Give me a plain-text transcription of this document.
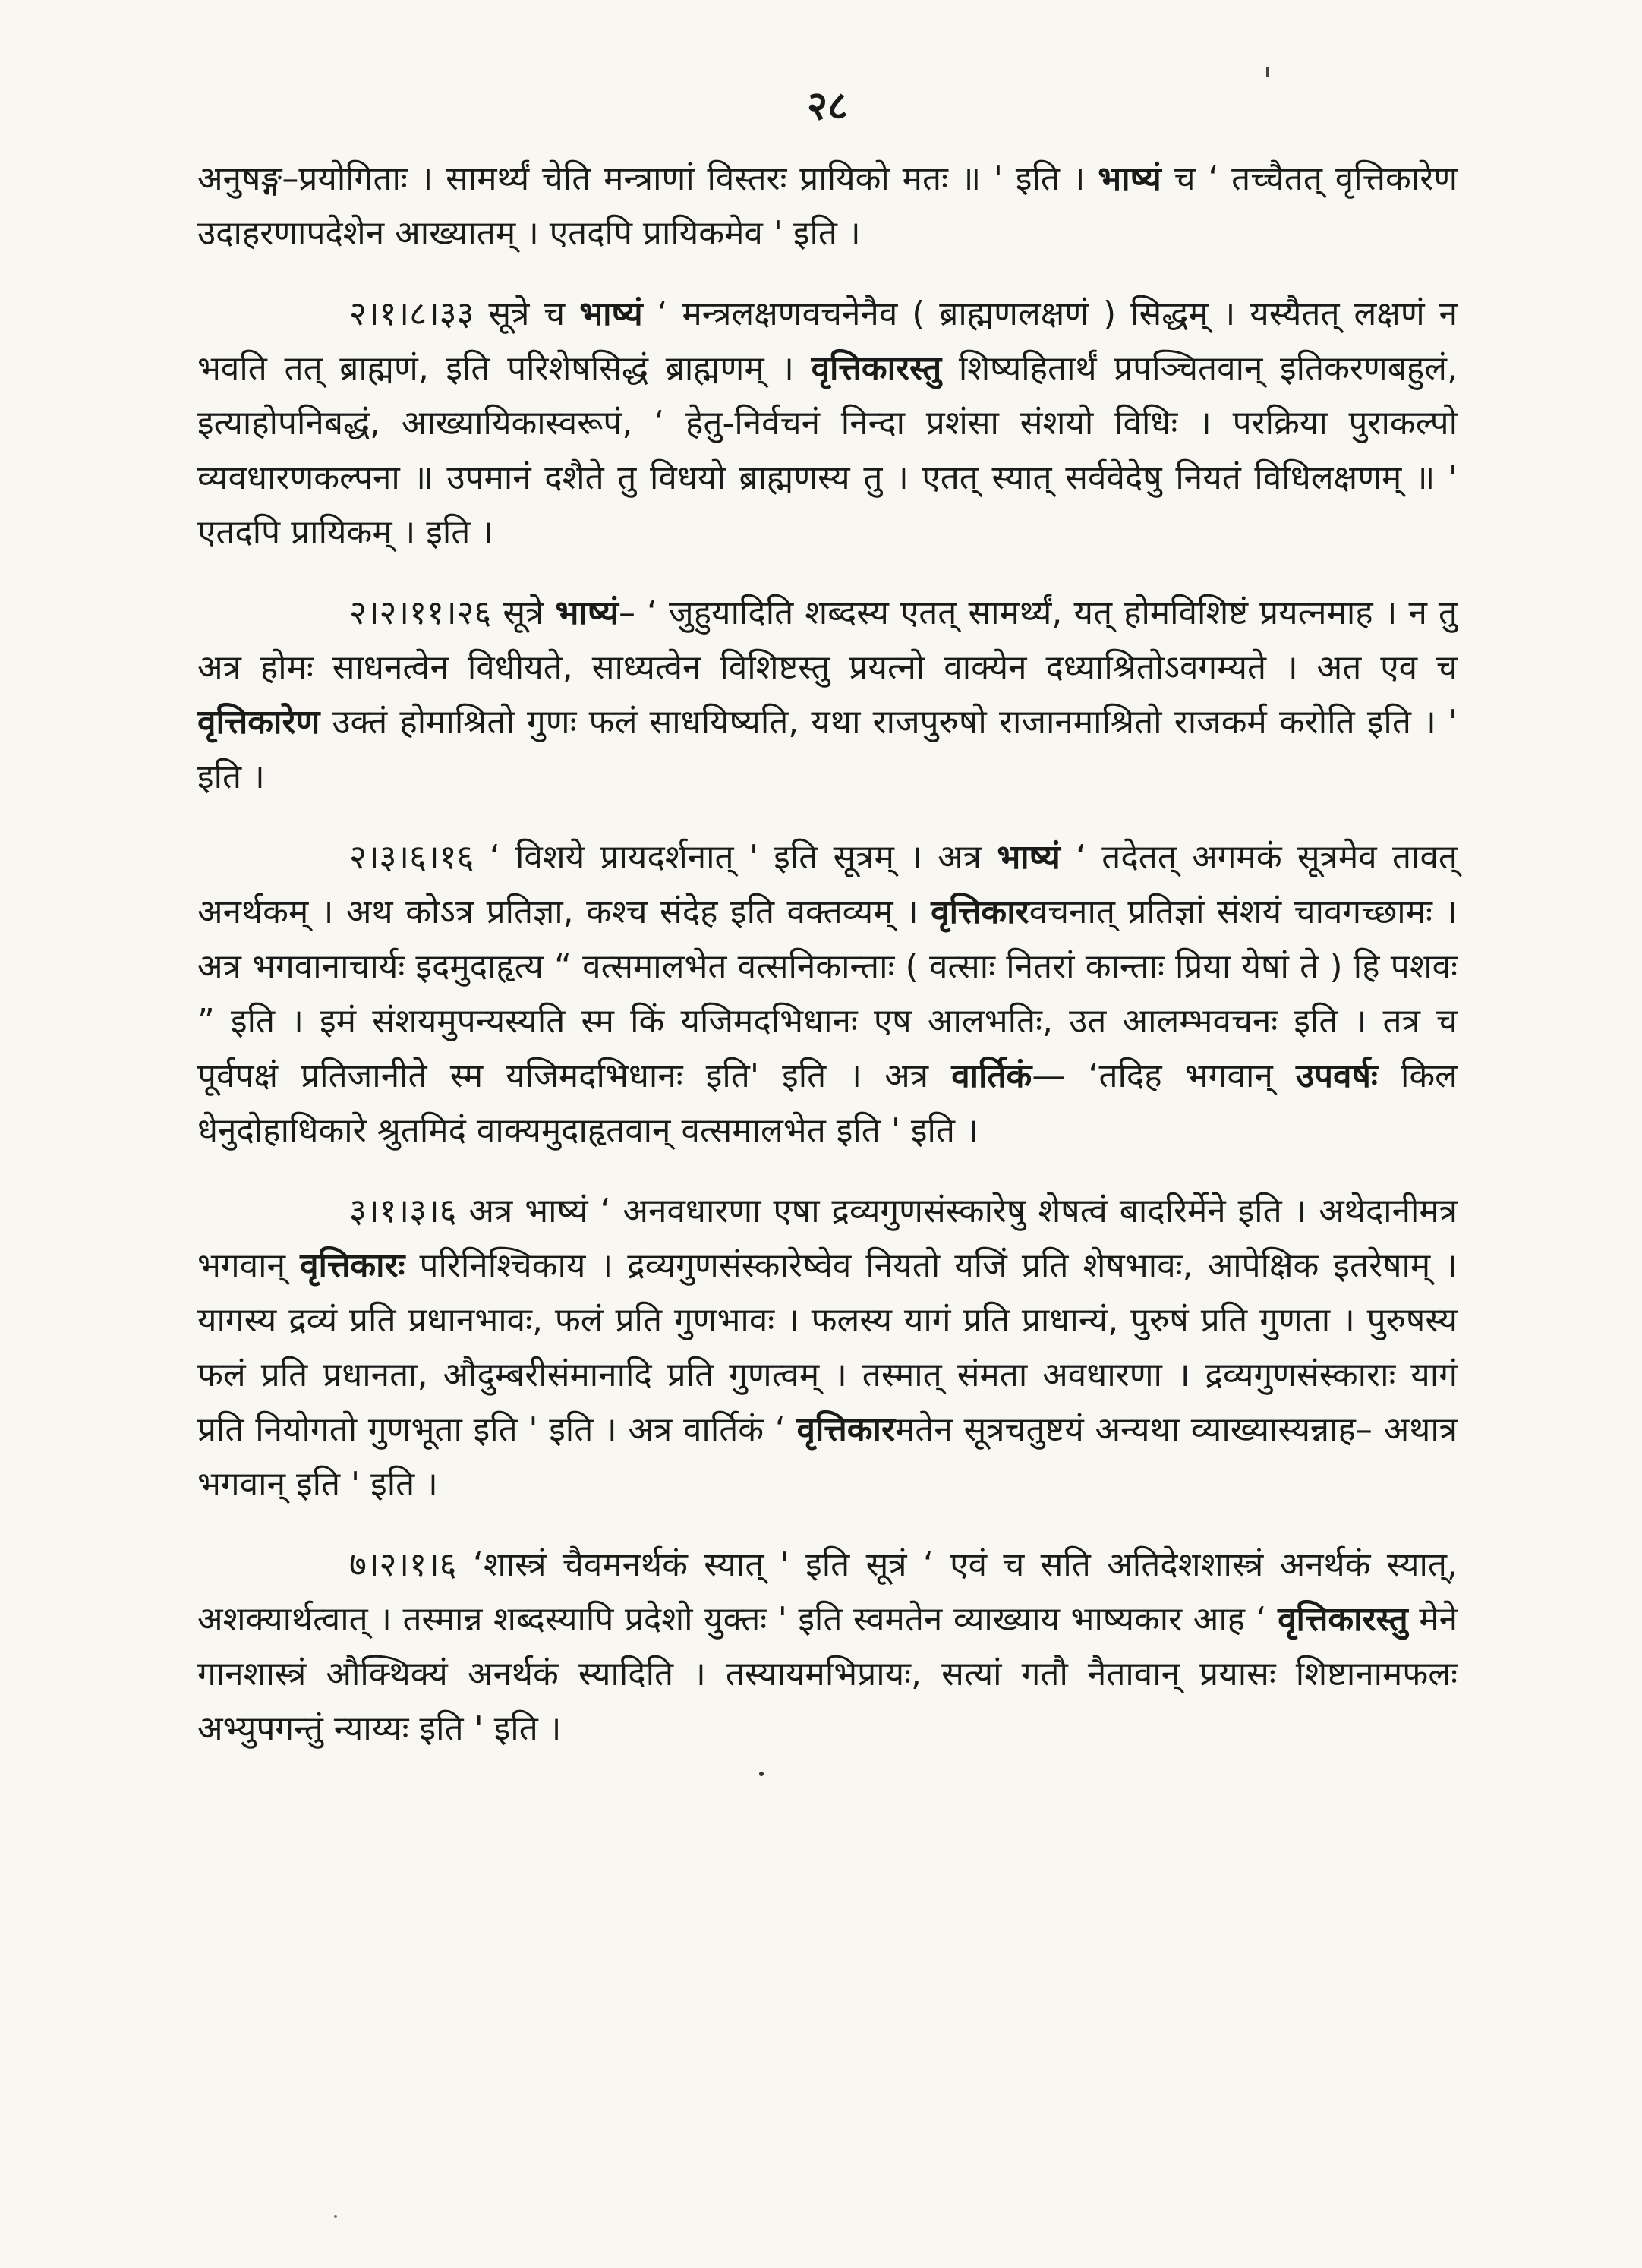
२८

अनुषङ्ग–प्रयोगिताः । सामर्थ्यं चेति मन्त्राणां विस्तरः प्रायिको मतः ॥ ' इति । भाष्यं च ‘ तच्चैतत् वृत्तिकारेण उदाहरणापदेशेन आख्यातम् । एतदपि प्रायिकमेव ' इति ।

२।१।८।३३ सूत्रे च भाष्यं ‘ मन्त्रलक्षणवचनेनैव ( ब्राह्मणलक्षणं ) सिद्धम् । यस्यैतत् लक्षणं न भवति तत् ब्राह्मणं, इति परिशेषसिद्धं ब्राह्मणम् । वृत्तिकारस्तु शिष्यहितार्थं प्रपञ्चितवान् इतिकरणबहुलं, इत्याहोपनिबद्धं, आख्यायिकास्वरूपं, ‘ हेतु-निर्वचनं निन्दा प्रशंसा संशयो विधिः । परक्रिया पुराकल्पो व्यवधारणकल्पना ॥ उपमानं दशैते तु विधयो ब्राह्मणस्य तु । एतत् स्यात् सर्ववेदेषु नियतं विधिलक्षणम् ॥ ' एतदपि प्रायिकम् । इति ।

२।२।११।२६ सूत्रे भाष्यं– ‘ जुहुयादिति शब्दस्य एतत् सामर्थ्यं, यत् होमविशिष्टं प्रयत्नमाह । न तु अत्र होमः साधनत्वेन विधीयते, साध्यत्वेन विशिष्टस्तु प्रयत्नो वाक्येन दध्याश्रितोऽवगम्यते । अत एव च वृत्तिकारेण उक्तं होमाश्रितो गुणः फलं साधयिष्यति, यथा राजपुरुषो राजानमाश्रितो राजकर्म करोति इति । ' इति ।

२।३।६।१६ ‘ विशये प्रायदर्शनात् ' इति सूत्रम् । अत्र भाष्यं ‘ तदेतत् अगमकं सूत्रमेव तावत् अनर्थकम् । अथ कोऽत्र प्रतिज्ञा, कश्च संदेह इति वक्तव्यम् । वृत्तिकारवचनात् प्रतिज्ञां संशयं चावगच्छामः । अत्र भगवानाचार्यः इदमुदाहृत्य “ वत्समालभेत वत्सनिकान्ताः ( वत्साः नितरां कान्ताः प्रिया येषां ते ) हि पशवः ” इति । इमं संशयमुपन्यस्यति स्म किं यजिमदभिधानः एष आलभतिः, उत आलम्भवचनः इति । तत्र च पूर्वपक्षं प्रतिजानीते स्म यजिमदभिधानः इति' इति । अत्र वार्तिकं— ‘तदिह भगवान् उपवर्षः किल धेनुदोहाधिकारे श्रुतमिदं वाक्यमुदाहृतवान् वत्समालभेत इति ' इति ।

३।१।३।६ अत्र भाष्यं ‘ अनवधारणा एषा द्रव्यगुणसंस्कारेषु शेषत्वं बादरिर्मेने इति । अथेदानीमत्र भगवान् वृत्तिकारः परिनिश्चिकाय । द्रव्यगुणसंस्कारेष्वेव नियतो यजिं प्रति शेषभावः, आपेक्षिक इतरेषाम् । यागस्य द्रव्यं प्रति प्रधानभावः, फलं प्रति गुणभावः । फलस्य यागं प्रति प्राधान्यं, पुरुषं प्रति गुणता । पुरुषस्य फलं प्रति प्रधानता, औदुम्बरीसंमानादि प्रति गुणत्वम् । तस्मात् संमता अवधारणा । द्रव्यगुणसंस्काराः यागं प्रति नियोगतो गुणभूता इति ' इति । अत्र वार्तिकं ‘ वृत्तिकारमतेन सूत्रचतुष्टयं अन्यथा व्याख्यास्यन्नाह– अथात्र भगवान् इति ' इति ।

७।२।१।६ ‘शास्त्रं चैवमनर्थकं स्यात् ' इति सूत्रं ‘ एवं च सति अतिदेशशास्त्रं अनर्थकं स्यात्, अशक्यार्थत्वात् । तस्मान्न शब्दस्यापि प्रदेशो युक्तः ' इति स्वमतेन व्याख्याय भाष्यकार आह ‘ वृत्तिकारस्तु मेने गानशास्त्रं औक्थिक्यं अनर्थकं स्यादिति । तस्यायमभिप्रायः, सत्यां गतौ नैतावान् प्रयासः शिष्टानामफलः अभ्युपगन्तुं न्याय्यः इति ' इति ।
